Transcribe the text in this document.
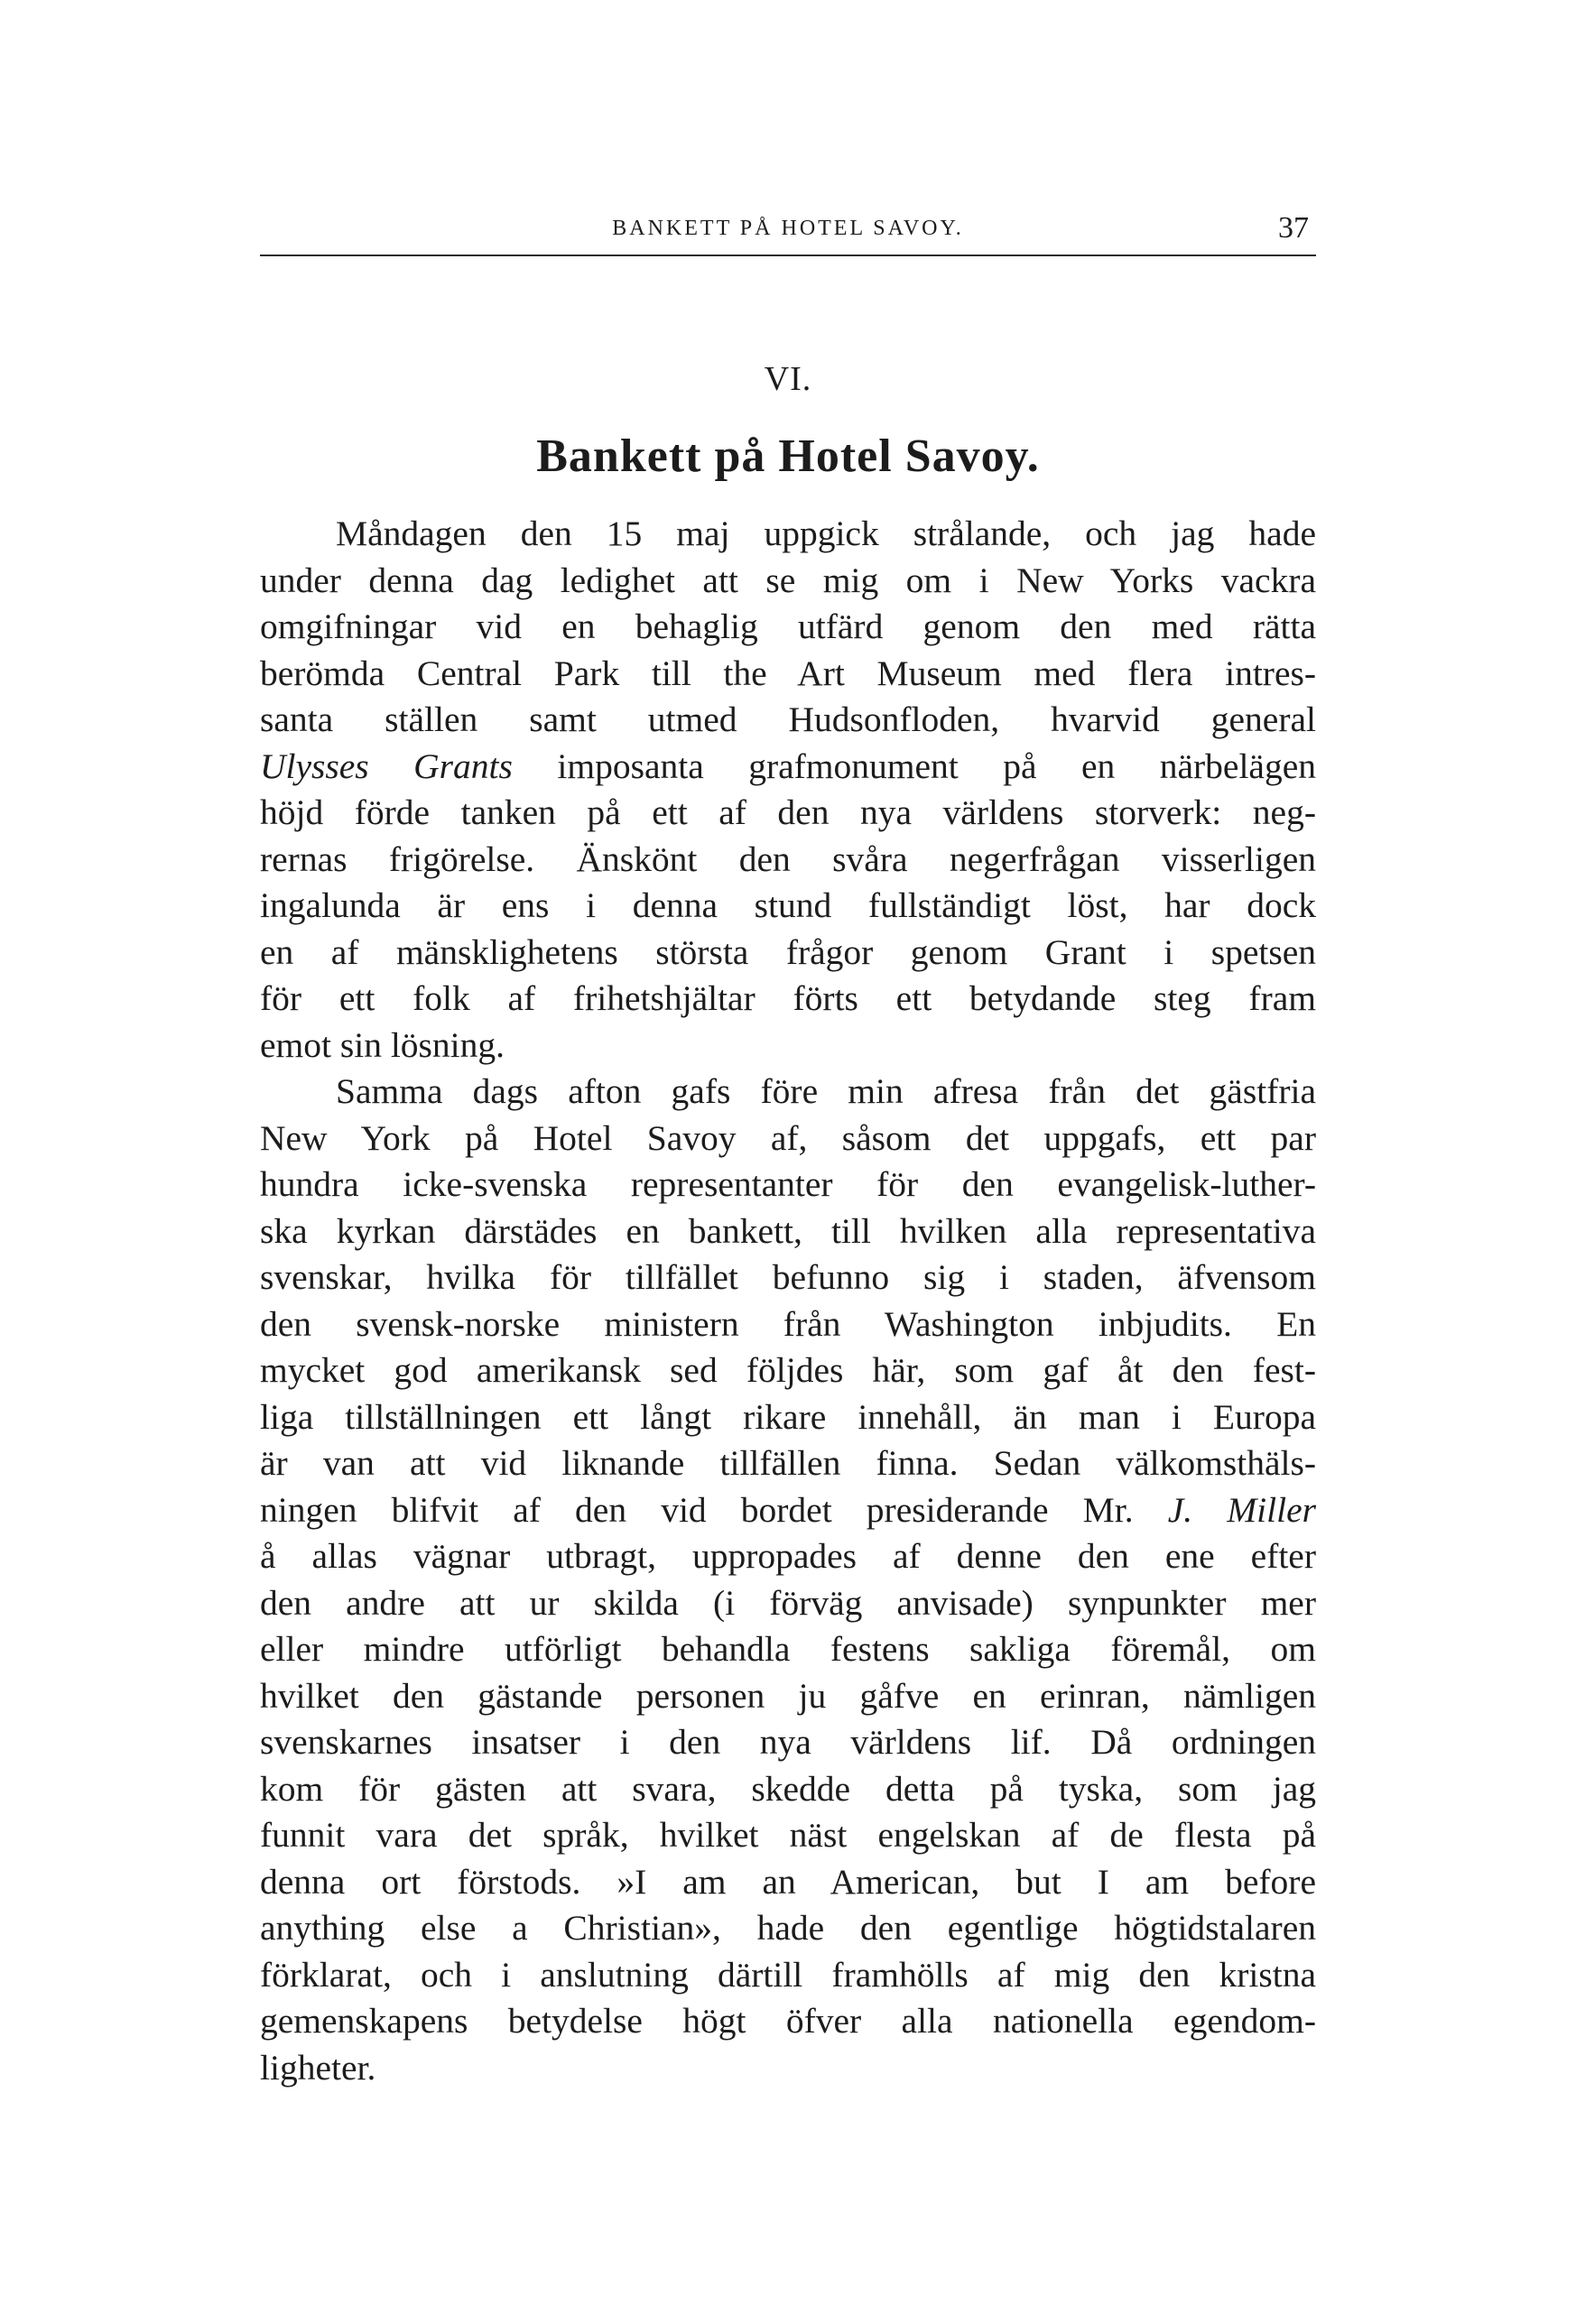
BANKETT PÅ HOTEL SAVOY.	37
VI.
Bankett på Hotel Savoy.
Måndagen den 15 maj uppgick strålande, och jag hade
under denna dag ledighet att se mig om i New Yorks vackra
omgifningar vid en behaglig utfärd genom den med rätta
berömda Central Park till the Art Museum med flera intres-
santa ställen samt utmed Hudsonfloden, hvarvid general
Ulysses Grants imposanta grafmonument på en närbelägen
höjd förde tanken på ett af den nya världens storverk: neg-
rernas frigörelse. Änskönt den svåra negerfrågan visserligen
ingalunda är ens i denna stund fullständigt löst, har dock
en af mänsklighetens största frågor genom Grant i spetsen
för ett folk af frihetshjältar förts ett betydande steg fram
emot sin lösning.
Samma dags afton gafs före min afresa från det gästfria
New York på Hotel Savoy af, såsom det uppgafs, ett par
hundra icke-svenska representanter för den evangelisk-luther-
ska kyrkan därstädes en bankett, till hvilken alla representativa
svenskar, hvilka för tillfället befunno sig i staden, äfvensom
den svensk-norske ministern från Washington inbjudits. En
mycket god amerikansk sed följdes här, som gaf åt den fest-
liga tillställningen ett långt rikare innehåll, än man i Europa
är van att vid liknande tillfällen finna. Sedan välkomsthäls-
ningen blifvit af den vid bordet presiderande Mr. J. Miller
å allas vägnar utbragt, uppropades af denne den ene efter
den andre att ur skilda (i förväg anvisade) synpunkter mer
eller mindre utförligt behandla festens sakliga föremål, om
hvilket den gästande personen ju gåfve en erinran, nämligen
svenskarnes insatser i den nya världens lif. Då ordningen
kom för gästen att svara, skedde detta på tyska, som jag
funnit vara det språk, hvilket näst engelskan af de flesta på
denna ort förstods. »I am an American, but I am before
anything else a Christian», hade den egentlige högtidstalaren
förklarat, och i anslutning därtill framhölls af mig den kristna
gemenskapens betydelse högt öfver alla nationella egendom-
ligheter.
